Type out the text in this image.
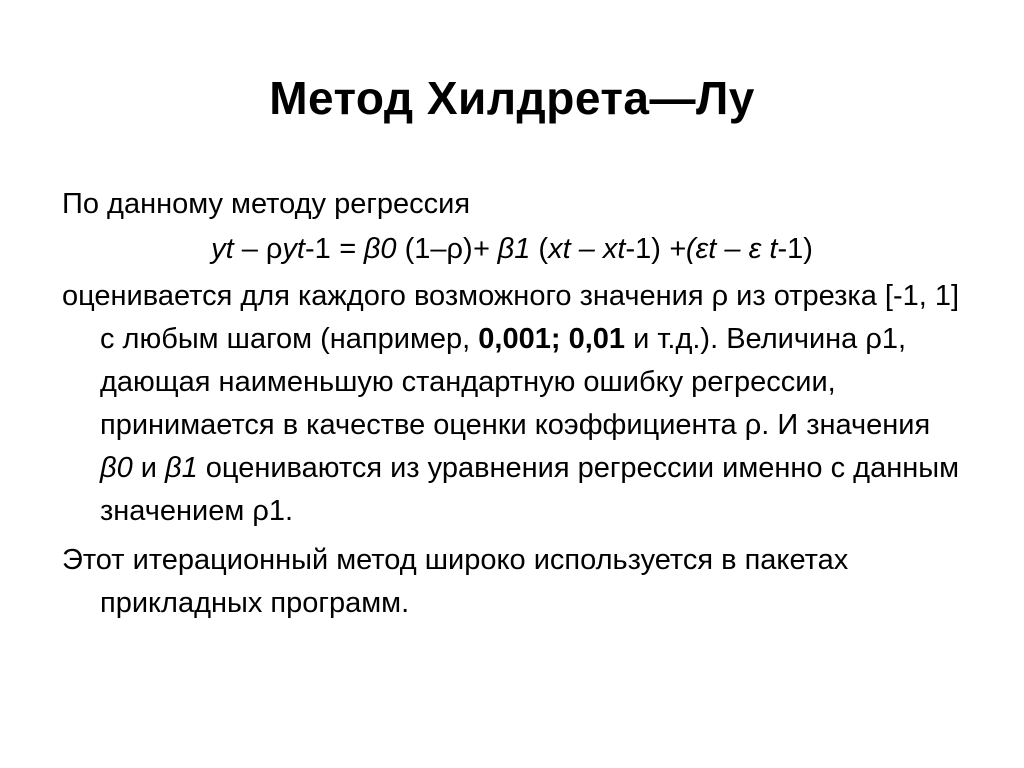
Метод Хилдрета—Лу

По данному методу регрессия

yt – ρyt-1 = β0 (1–ρ)+ β1 (xt – xt-1) +(εt – ε t-1)

оценивается для каждого возможного значения ρ из отрезка [-1, 1] с любым шагом (например, 0,001; 0,01 и т.д.). Величина ρ1, дающая наименьшую стандартную ошибку регрессии, принимается в качестве оценки коэффициента ρ. И значения β0 и β1 оцениваются из уравнения регрессии именно с данным значением ρ1.

Этот итерационный метод широко используется в пакетах прикладных программ.
